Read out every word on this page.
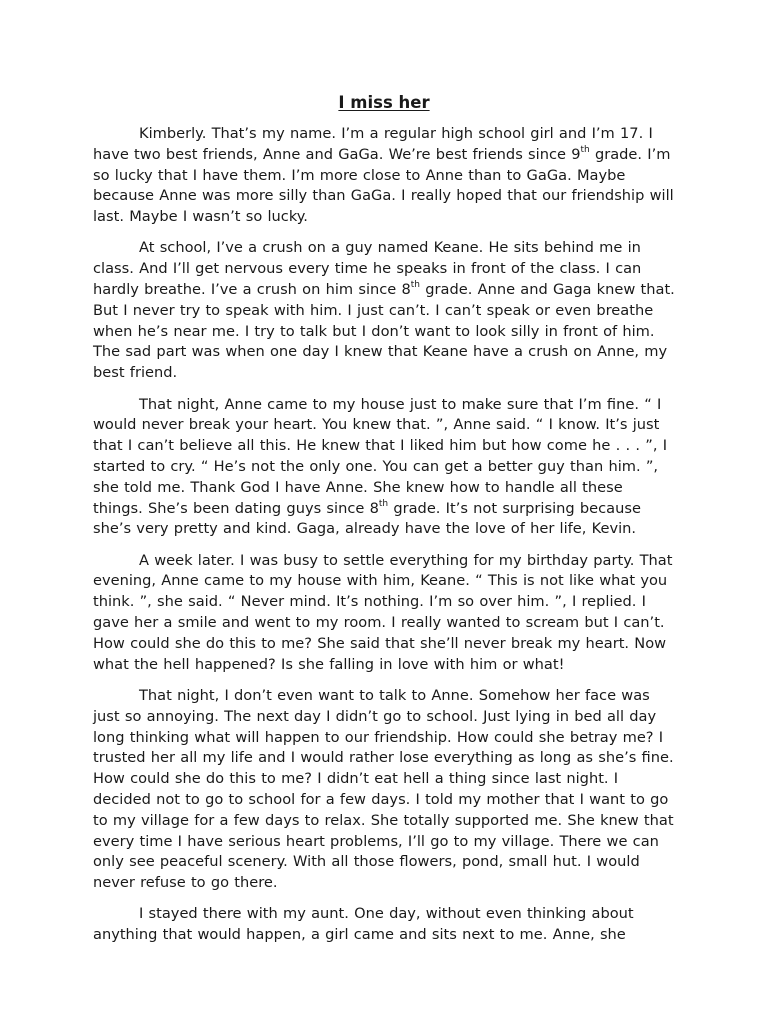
I miss her

Kimberly. That’s my name. I’m a regular high school girl and I’m 17. I have two best friends, Anne and GaGa. We’re best friends since 9th grade. I’m so lucky that I have them. I’m more close to Anne than to GaGa. Maybe because Anne was more silly than GaGa. I really hoped that our friendship will last. Maybe I wasn’t so lucky.

At school, I’ve a crush on a guy named Keane. He sits behind me in class. And I’ll get nervous every time he speaks in front of the class. I can hardly breathe. I’ve a crush on him since 8th grade. Anne and Gaga knew that. But I never try to speak with him. I just can’t. I can’t speak or even breathe when he’s near me. I try to talk but I don’t want to look silly in front of him. The sad part was when one day I knew that Keane have a crush on Anne, my best friend.

That night, Anne came to my house just to make sure that I’m fine. “ I would never break your heart. You knew that. ”, Anne said. “ I know. It’s just that I can’t believe all this. He knew that I liked him but how come he . . . ”, I started to cry. “ He’s not the only one. You can get a better guy than him. ”, she told me. Thank God I have Anne. She knew how to handle all these things. She’s been dating guys since 8th grade. It’s not surprising because she’s very pretty and kind. Gaga, already have the love of her life, Kevin.

A week later. I was busy to settle everything for my birthday party. That evening, Anne came to my house with him, Keane. “ This is not like what you think. ”, she said. “ Never mind. It’s nothing. I’m so over him. ”, I replied. I gave her a smile and went to my room. I really wanted to scream but I can’t. How could she do this to me? She said that she’ll never break my heart. Now what the hell happened? Is she falling in love with him or what!

That night, I don’t even want to talk to Anne. Somehow her face was just so annoying. The next day I didn’t go to school. Just lying in bed all day long thinking what will happen to our friendship. How could she betray me? I trusted her all my life and I would rather lose everything as long as she’s fine. How could she do this to me? I didn’t eat hell a thing since last night. I decided not to go to school for a few days. I told my mother that I want to go to my village for a few days to relax. She totally supported me. She knew that every time I have serious heart problems, I’ll go to my village. There we can only see peaceful scenery. With all those flowers, pond, small hut. I would never refuse to go there.

I stayed there with my aunt. One day, without even thinking about anything that would happen, a girl came and sits next to me. Anne, she
